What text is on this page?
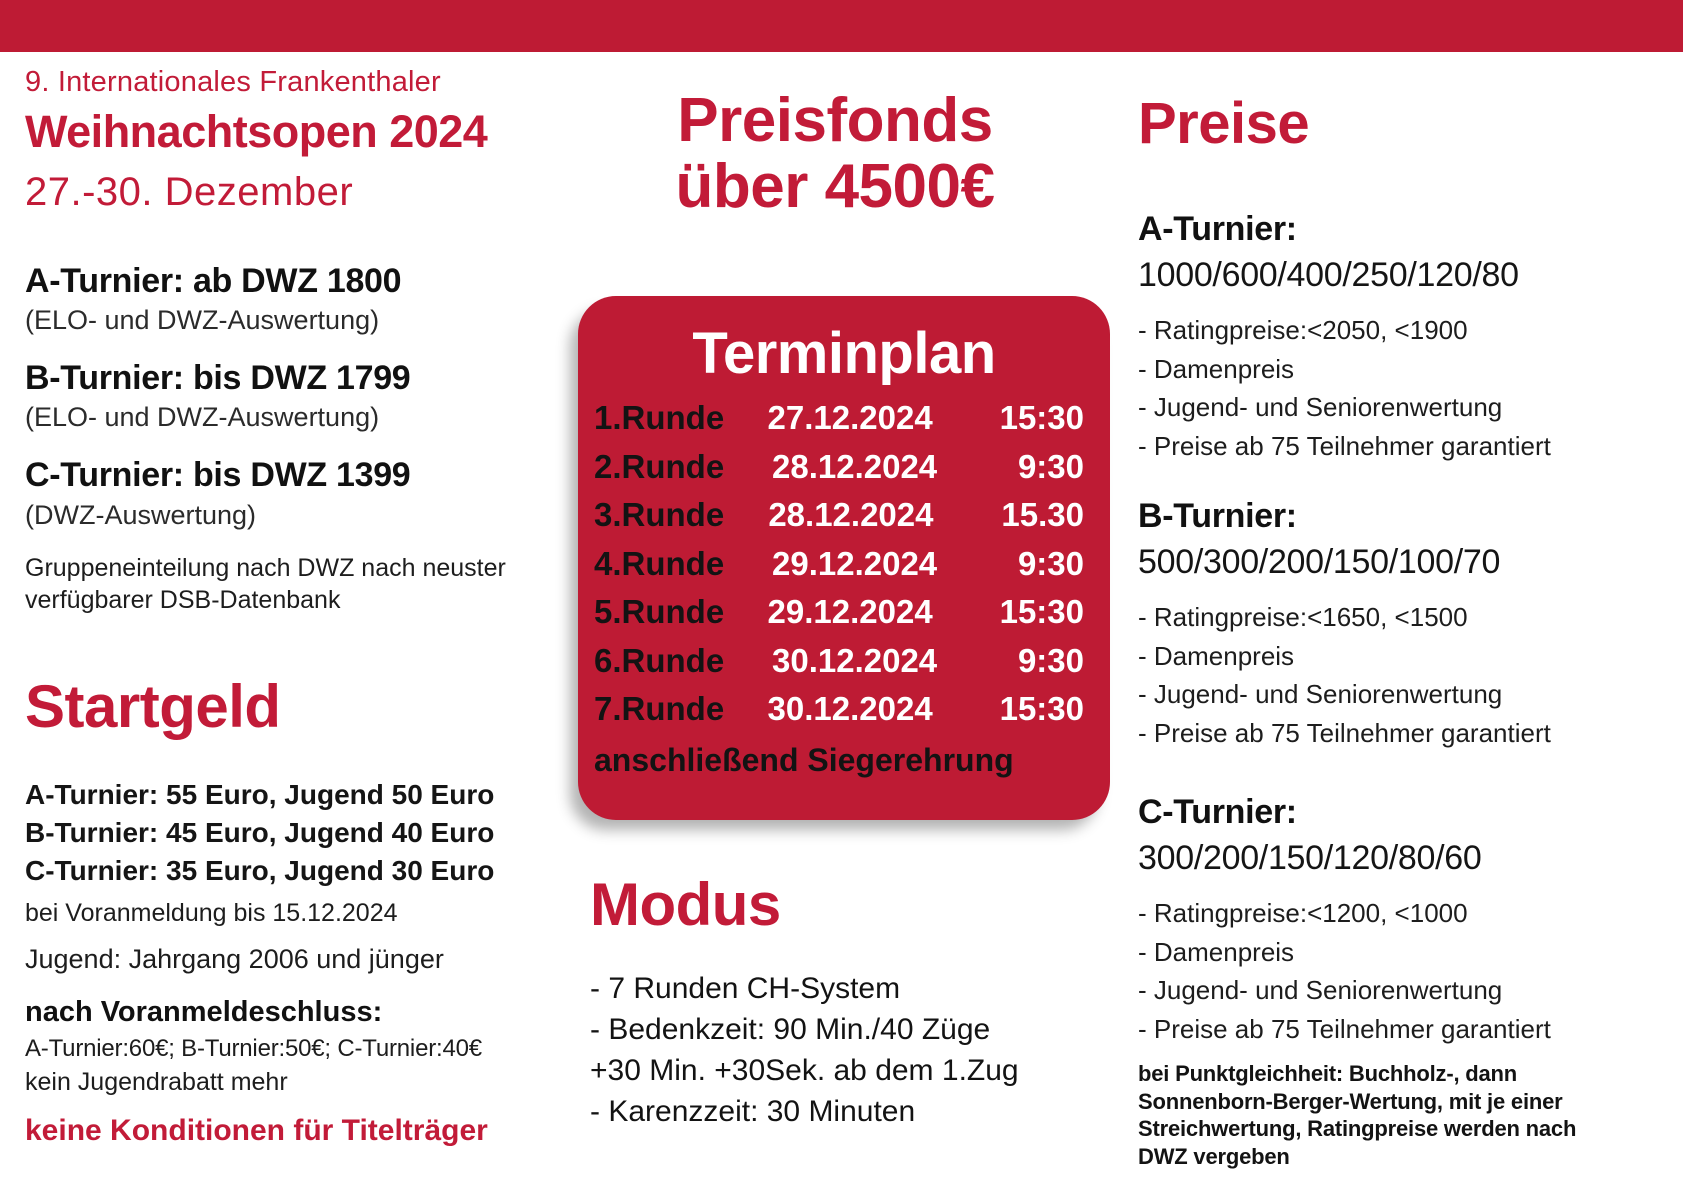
9. Internationales Frankenthaler
Weihnachtsopen 2024
27.-30. Dezember
A-Turnier: ab DWZ 1800
(ELO- und DWZ-Auswertung)
B-Turnier: bis DWZ 1799
(ELO- und DWZ-Auswertung)
C-Turnier: bis DWZ 1399
(DWZ-Auswertung)
Gruppeneinteilung nach DWZ nach neuster verfügbarer DSB-Datenbank
Startgeld
A-Turnier: 55 Euro, Jugend 50 Euro
B-Turnier: 45 Euro, Jugend 40 Euro
C-Turnier: 35 Euro, Jugend 30 Euro
bei Voranmeldung bis 15.12.2024
Jugend: Jahrgang 2006 und jünger
nach Voranmeldeschluss:
A-Turnier:60€; B-Turnier:50€; C-Turnier:40€
kein Jugendrabatt mehr
keine Konditionen für Titelträger
Preisfonds
über 4500€
Terminplan
1.Runde	27.12.2024	15:30
2.Runde	28.12.2024	9:30
3.Runde	28.12.2024	15.30
4.Runde	29.12.2024	9:30
5.Runde	29.12.2024	15:30
6.Runde	30.12.2024	9:30
7.Runde	30.12.2024	15:30
anschließend Siegerehrung
Modus
- 7 Runden CH-System
- Bedenkzeit: 90 Min./40 Züge
+30 Min. +30Sek. ab dem 1.Zug
- Karenzzeit: 30 Minuten
Preise
A-Turnier:
1000/600/400/250/120/80
- Ratingpreise:<2050, <1900
- Damenpreis
- Jugend- und Seniorenwertung
- Preise ab 75 Teilnehmer garantiert
B-Turnier:
500/300/200/150/100/70
- Ratingpreise:<1650, <1500
- Damenpreis
- Jugend- und Seniorenwertung
- Preise ab 75 Teilnehmer garantiert
C-Turnier:
300/200/150/120/80/60
- Ratingpreise:<1200, <1000
- Damenpreis
- Jugend- und Seniorenwertung
- Preise ab 75 Teilnehmer garantiert
bei Punktgleichheit: Buchholz-, dann Sonnenborn-Berger-Wertung, mit je einer Streichwertung, Ratingpreise werden nach DWZ vergeben
